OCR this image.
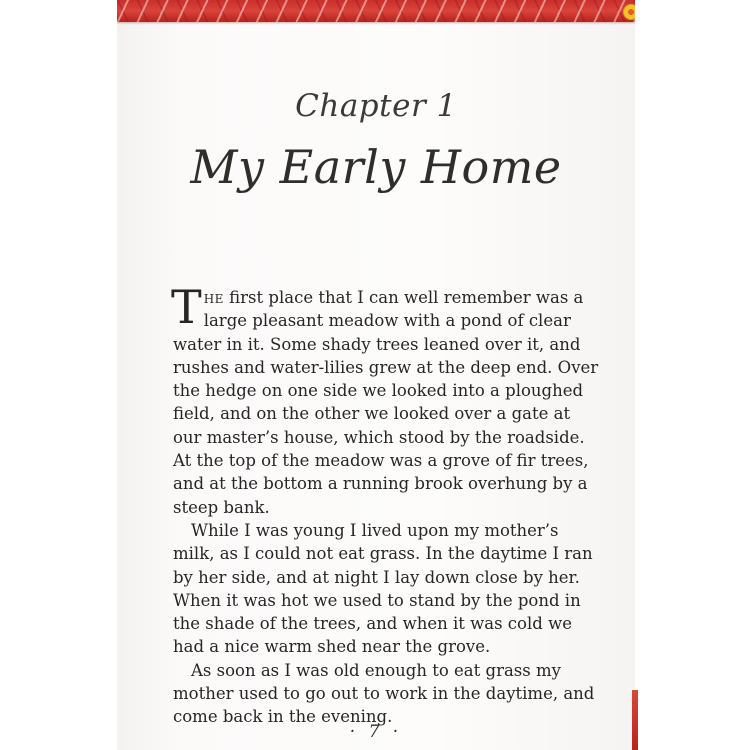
Chapter 1
My Early Home

The first place that I can well remember was a large pleasant meadow with a pond of clear water in it. Some shady trees leaned over it, and rushes and water-lilies grew at the deep end. Over the hedge on one side we looked into a ploughed field, and on the other we looked over a gate at our master’s house, which stood by the roadside. At the top of the meadow was a grove of fir trees, and at the bottom a running brook overhung by a steep bank.

While I was young I lived upon my mother’s milk, as I could not eat grass. In the daytime I ran by her side, and at night I lay down close by her. When it was hot we used to stand by the pond in the shade of the trees, and when it was cold we had a nice warm shed near the grove.

As soon as I was old enough to eat grass my mother used to go out to work in the daytime, and come back in the evening.

· 7 ·
